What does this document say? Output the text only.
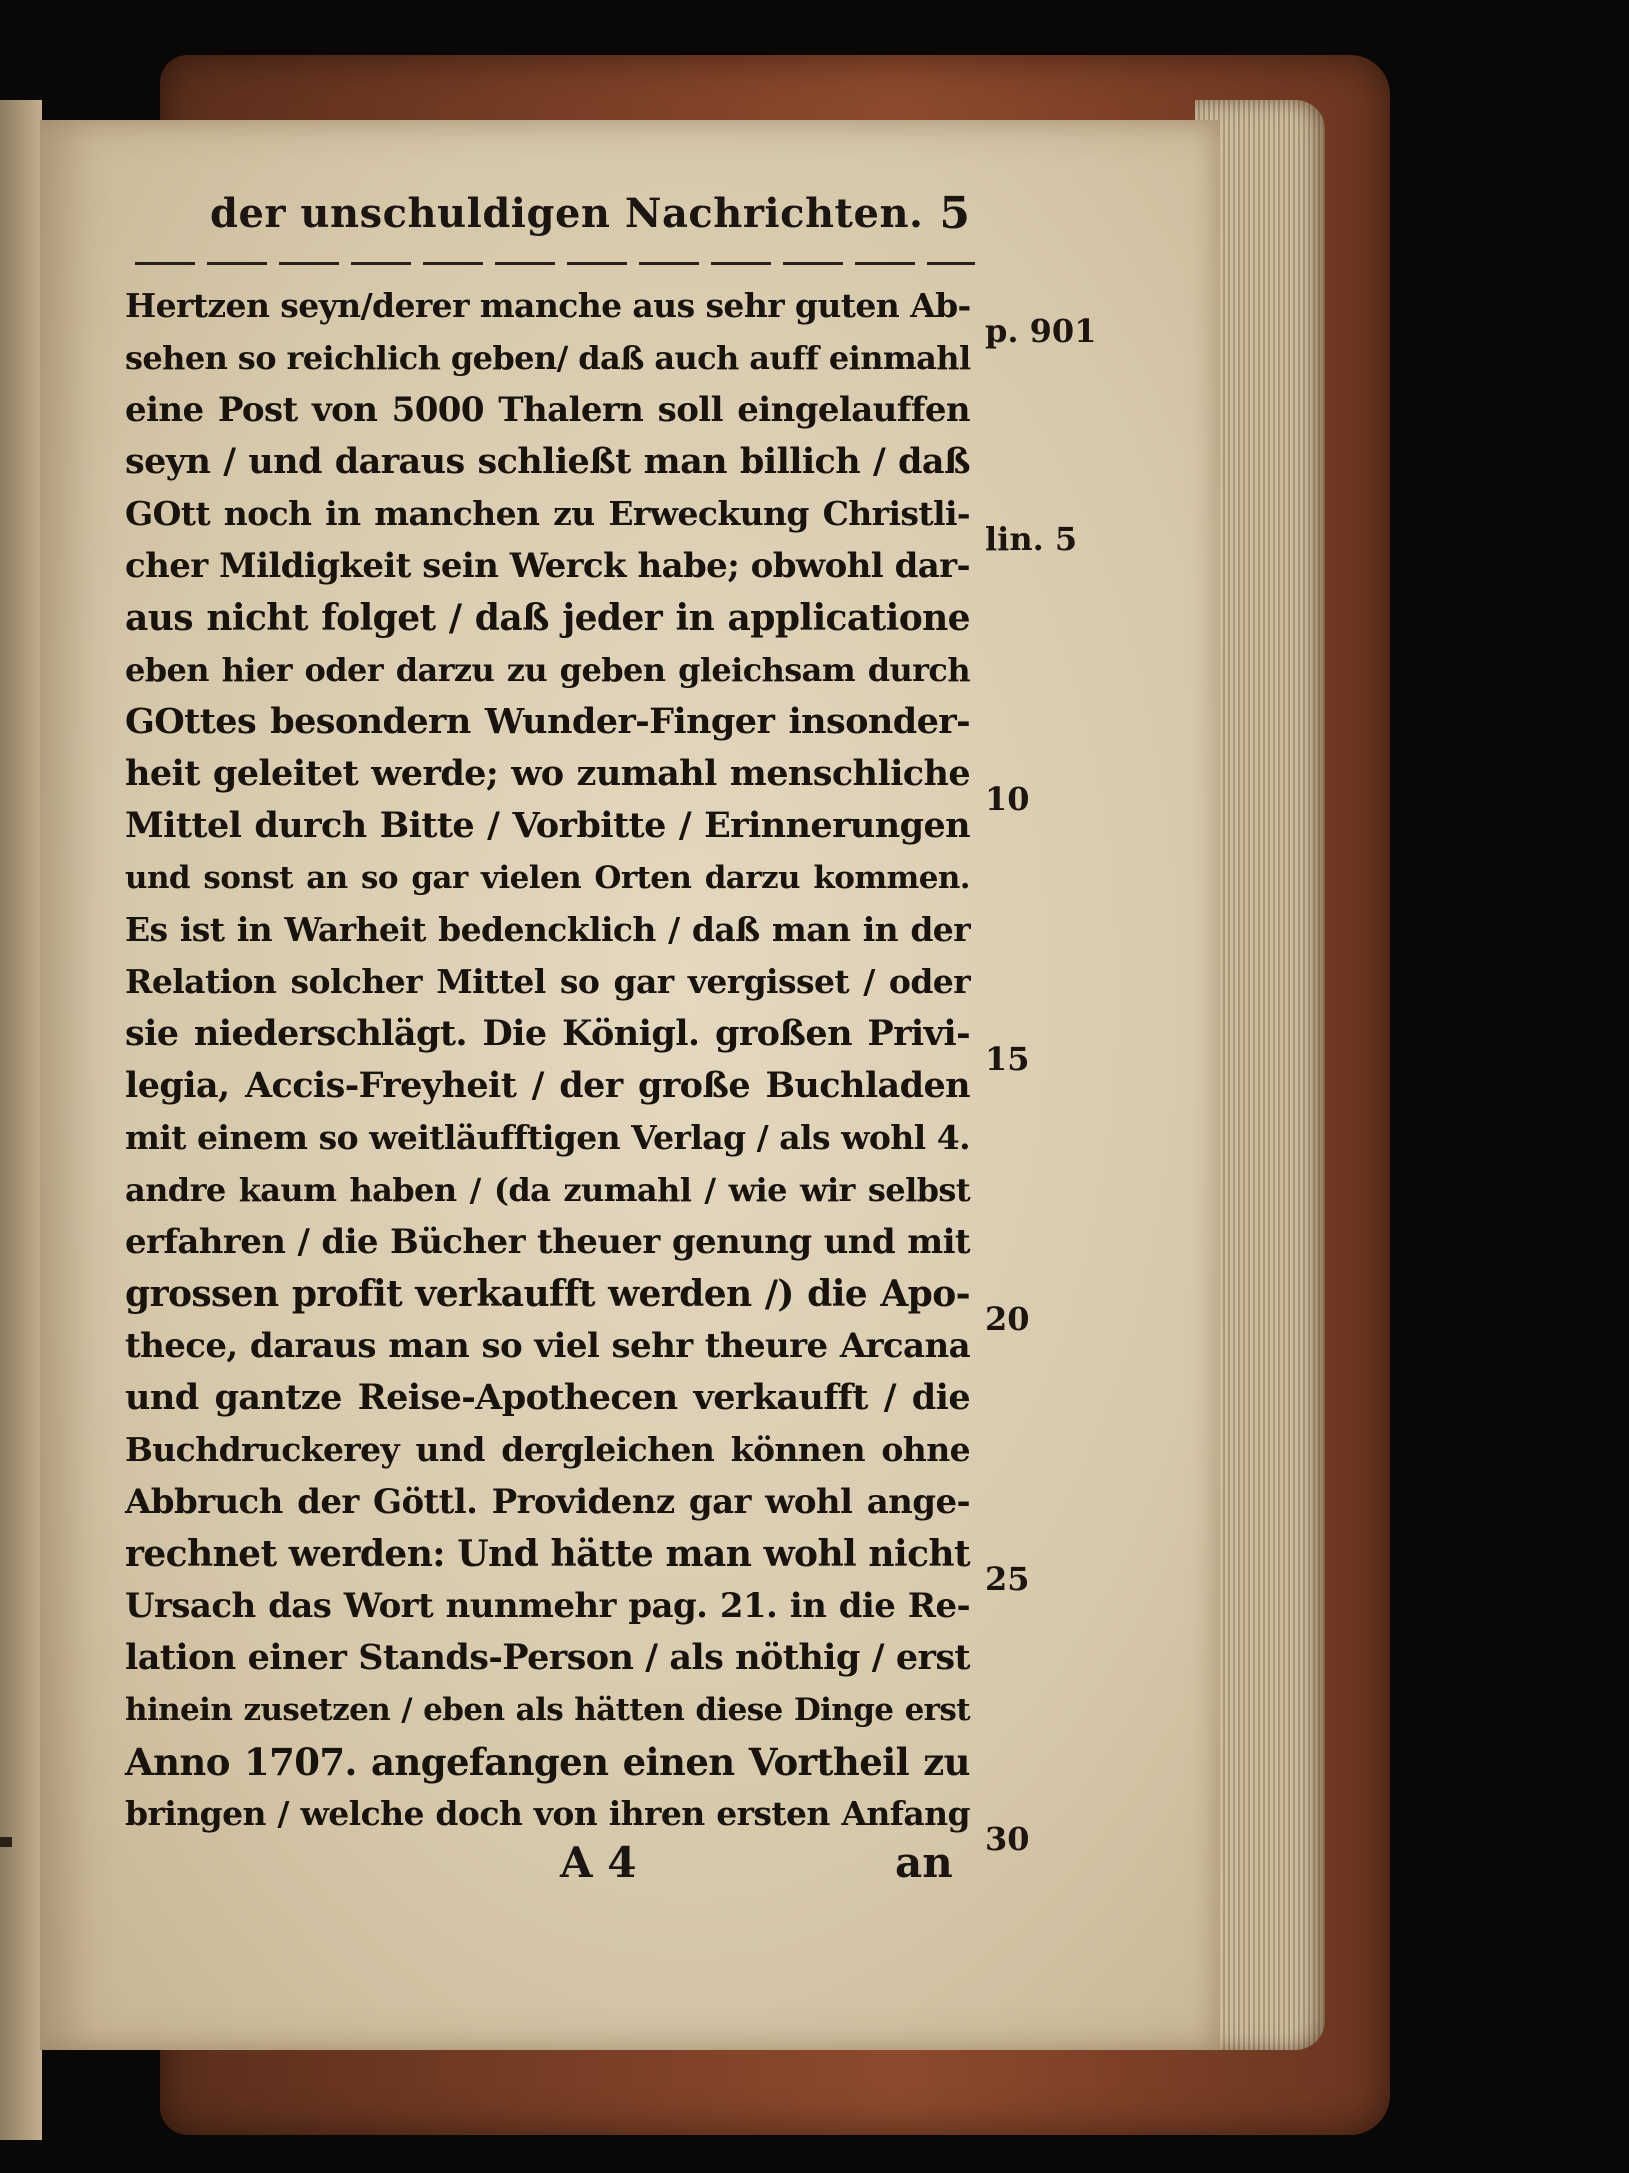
der unschuldigen Nachrichten. 5
Hertzen seyn/derer manche aus sehr guten Ab-
sehen so reichlich geben/ daß auch auff einmahl
eine Post von 5000 Thalern soll eingelauffen
seyn / und daraus schließt man billich / daß
GOtt noch in manchen zu Erweckung Christli-
cher Mildigkeit sein Werck habe; obwohl dar-
aus nicht folget / daß jeder in applicatione
eben hier oder darzu zu geben gleichsam durch
GOttes besondern Wunder-Finger insonder-
heit geleitet werde; wo zumahl menschliche
Mittel durch Bitte / Vorbitte / Erinnerungen
und sonst an so gar vielen Orten darzu kommen.
Es ist in Warheit bedencklich / daß man in der
Relation solcher Mittel so gar vergisset / oder
sie niederschlägt. Die Königl. großen Privi-
legia, Accis-Freyheit / der große Buchladen
mit einem so weitläufftigen Verlag / als wohl 4.
andre kaum haben / (da zumahl / wie wir selbst
erfahren / die Bücher theuer genung und mit
grossen profit verkaufft werden /) die Apo-
thece, daraus man so viel sehr theure Arcana
und gantze Reise-Apothecen verkaufft / die
Buchdruckerey und dergleichen können ohne
Abbruch der Göttl. Providenz gar wohl ange-
rechnet werden: Und hätte man wohl nicht
Ursach das Wort nunmehr pag. 21. in die Re-
lation einer Stands-Person / als nöthig / erst
hinein zusetzen / eben als hätten diese Dinge erst
Anno 1707. angefangen einen Vortheil zu
bringen / welche doch von ihren ersten Anfang
p. 901
lin. 5
10
15
20
25
30
A 4	an
